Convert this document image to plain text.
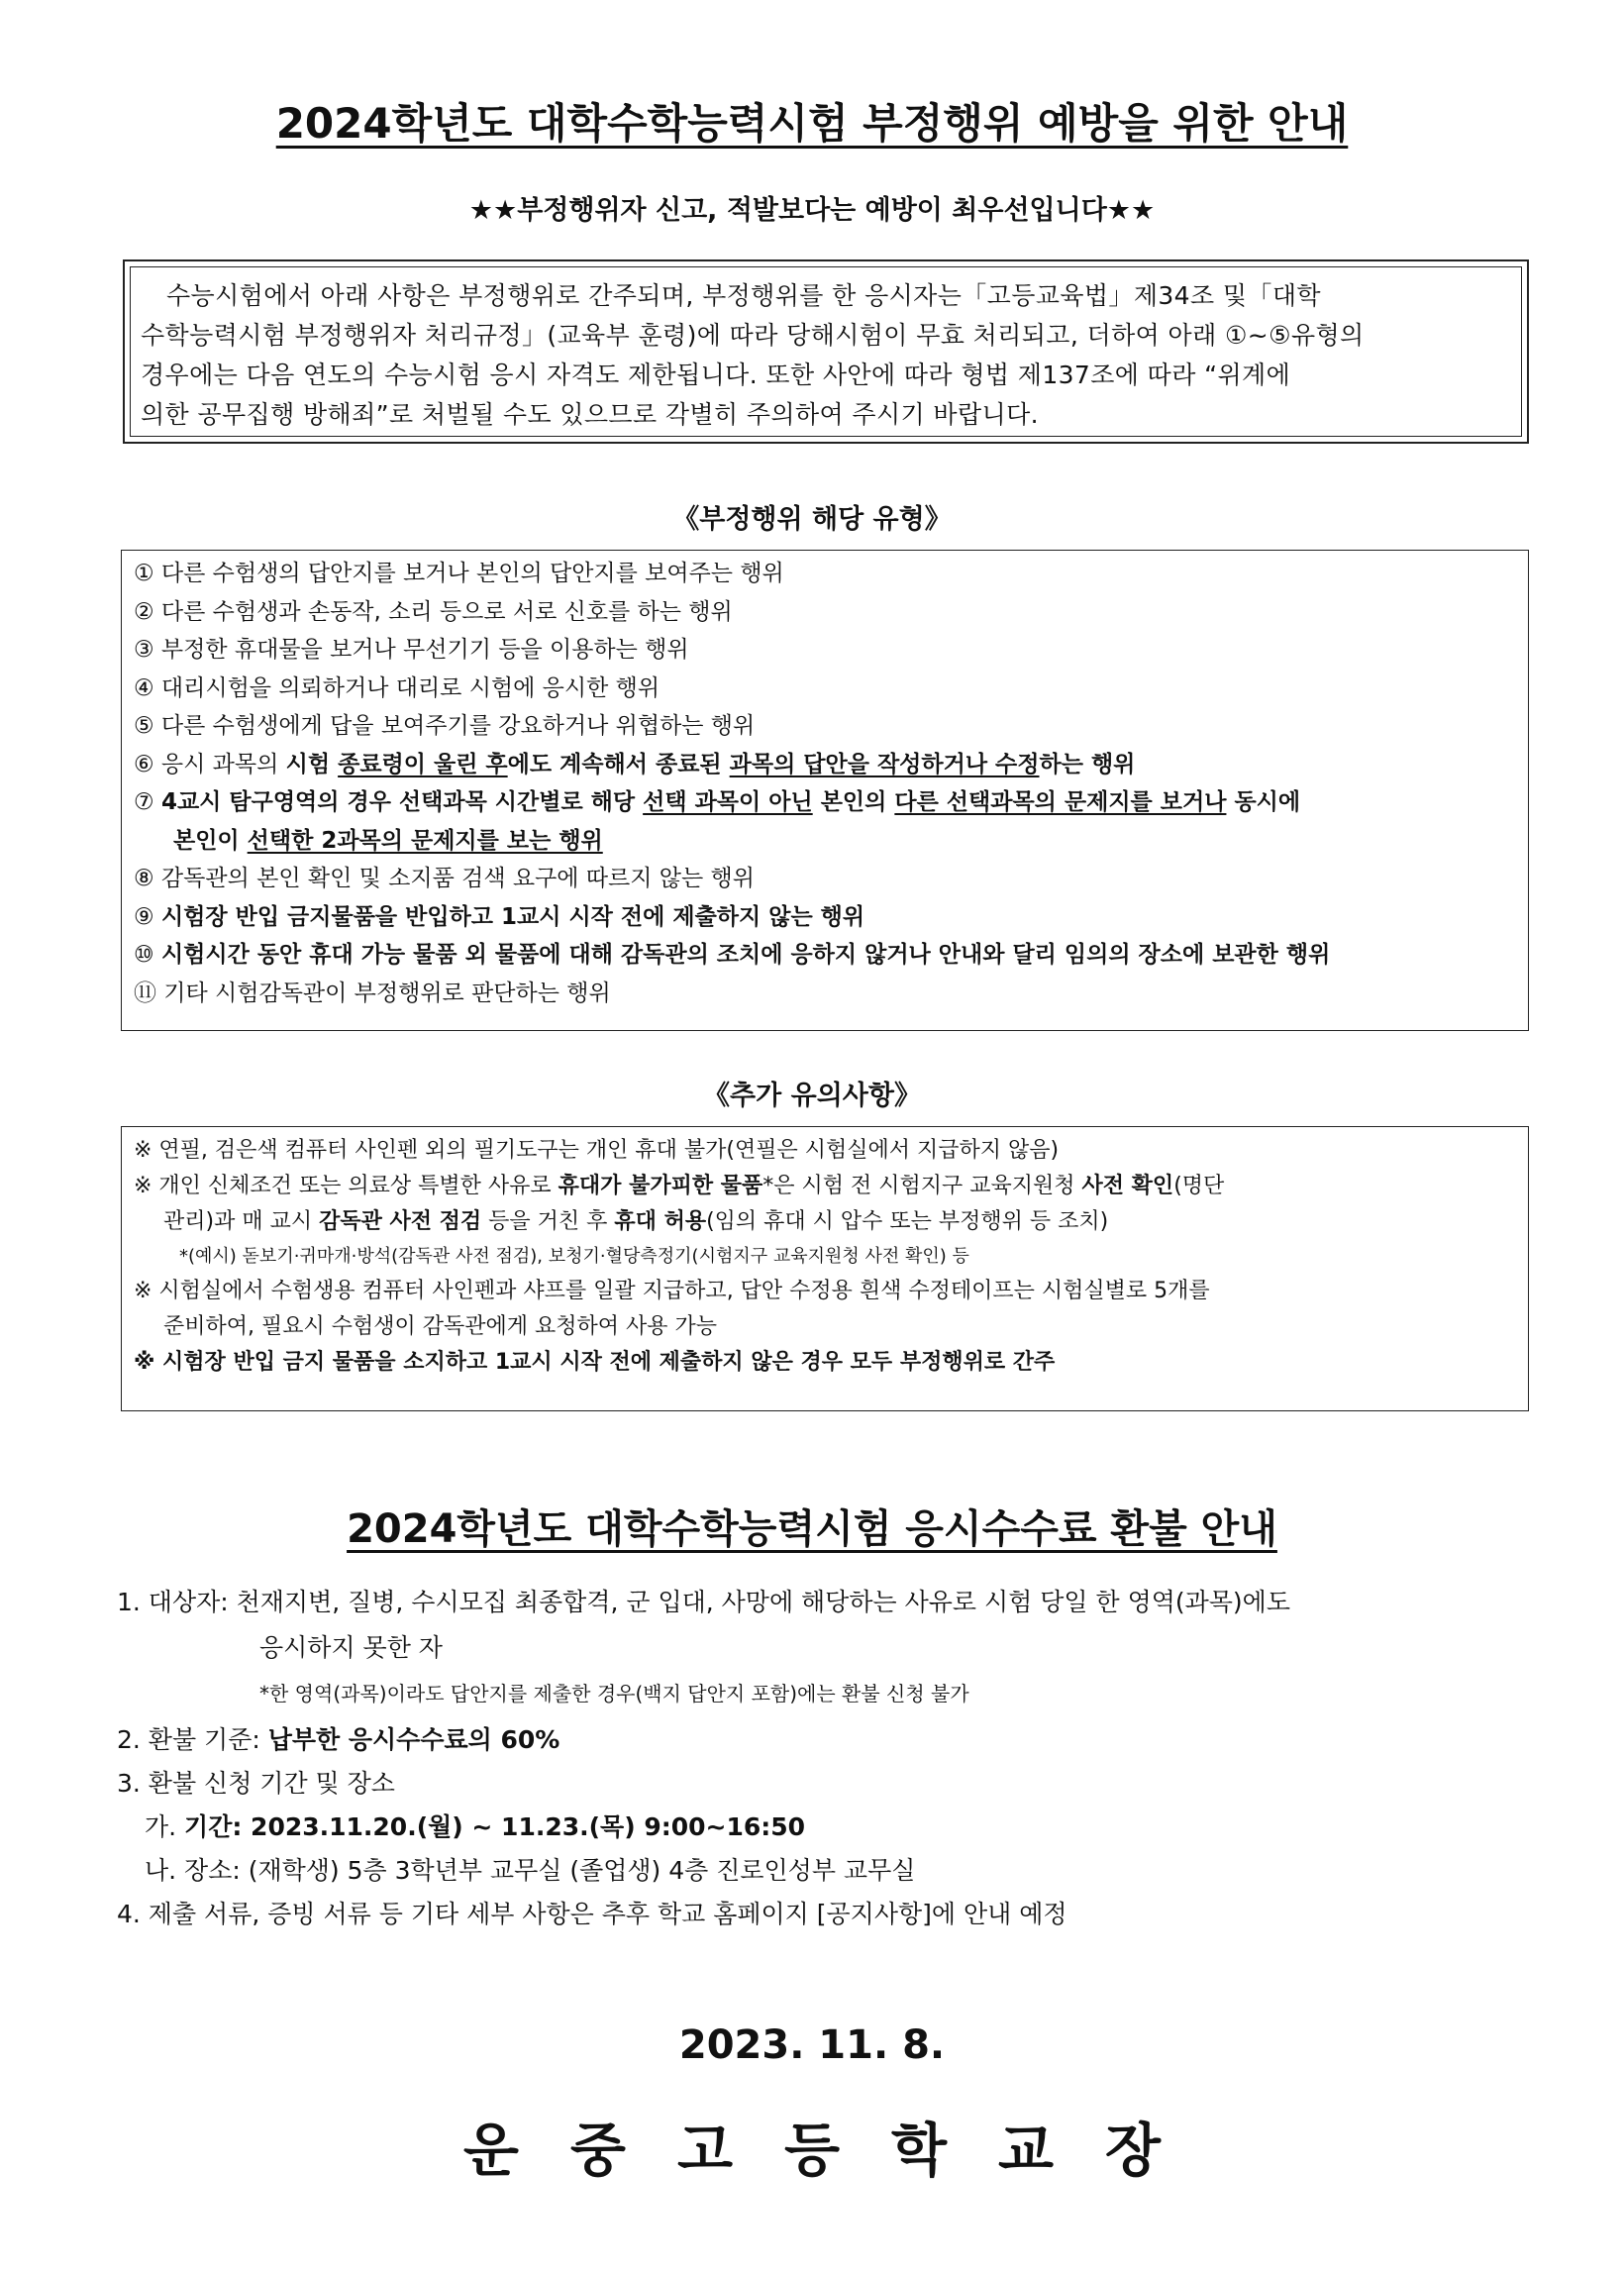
2024학년도 대학수학능력시험 부정행위 예방을 위한 안내
★★부정행위자 신고, 적발보다는 예방이 최우선입니다★★
수능시험에서 아래 사항은 부정행위로 간주되며, 부정행위를 한 응시자는「고등교육법」제34조 및「대학
수학능력시험 부정행위자 처리규정」(교육부 훈령)에 따라 당해시험이 무효 처리되고, 더하여 아래 ①~⑤유형의
경우에는 다음 연도의 수능시험 응시 자격도 제한됩니다. 또한 사안에 따라 형법 제137조에 따라 “위계에
의한 공무집행 방해죄”로 처벌될 수도 있으므로 각별히 주의하여 주시기 바랍니다.
《부정행위 해당 유형》
① 다른 수험생의 답안지를 보거나 본인의 답안지를 보여주는 행위
② 다른 수험생과 손동작, 소리 등으로 서로 신호를 하는 행위
③ 부정한 휴대물을 보거나 무선기기 등을 이용하는 행위
④ 대리시험을 의뢰하거나 대리로 시험에 응시한 행위
⑤ 다른 수험생에게 답을 보여주기를 강요하거나 위협하는 행위
⑥ 응시 과목의 시험 종료령이 울린 후에도 계속해서 종료된 과목의 답안을 작성하거나 수정하는 행위
⑦ 4교시 탐구영역의 경우 선택과목 시간별로 해당 선택 과목이 아닌 본인의 다른 선택과목의 문제지를 보거나 동시에
본인이 선택한 2과목의 문제지를 보는 행위
⑧ 감독관의 본인 확인 및 소지품 검색 요구에 따르지 않는 행위
⑨ 시험장 반입 금지물품을 반입하고 1교시 시작 전에 제출하지 않는 행위
⑩ 시험시간 동안 휴대 가능 물품 외 물품에 대해 감독관의 조치에 응하지 않거나 안내와 달리 임의의 장소에 보관한 행위
⑪ 기타 시험감독관이 부정행위로 판단하는 행위
《추가 유의사항》
※ 연필, 검은색 컴퓨터 사인펜 외의 필기도구는 개인 휴대 불가(연필은 시험실에서 지급하지 않음)
※ 개인 신체조건 또는 의료상 특별한 사유로 휴대가 불가피한 물품*은 시험 전 시험지구 교육지원청 사전 확인(명단
관리)과 매 교시 감독관 사전 점검 등을 거친 후 휴대 허용(임의 휴대 시 압수 또는 부정행위 등 조치)
*(예시) 돋보기·귀마개·방석(감독관 사전 점검), 보청기·혈당측정기(시험지구 교육지원청 사전 확인) 등
※ 시험실에서 수험생용 컴퓨터 사인펜과 샤프를 일괄 지급하고, 답안 수정용 흰색 수정테이프는 시험실별로 5개를
준비하여, 필요시 수험생이 감독관에게 요청하여 사용 가능
※ 시험장 반입 금지 물품을 소지하고 1교시 시작 전에 제출하지 않은 경우 모두 부정행위로 간주
2024학년도 대학수학능력시험 응시수수료 환불 안내
1. 대상자: 천재지변, 질병, 수시모집 최종합격, 군 입대, 사망에 해당하는 사유로 시험 당일 한 영역(과목)에도
응시하지 못한 자
*한 영역(과목)이라도 답안지를 제출한 경우(백지 답안지 포함)에는 환불 신청 불가
2. 환불 기준: 납부한 응시수수료의 60%
3. 환불 신청 기간 및 장소
가. 기간: 2023.11.20.(월) ~ 11.23.(목) 9:00~16:50
나. 장소: (재학생) 5층 3학년부 교무실 (졸업생) 4층 진로인성부 교무실
4. 제출 서류, 증빙 서류 등 기타 세부 사항은 추후 학교 홈페이지 [공지사항]에 안내 예정
2023. 11. 8.
운중고등학교장
